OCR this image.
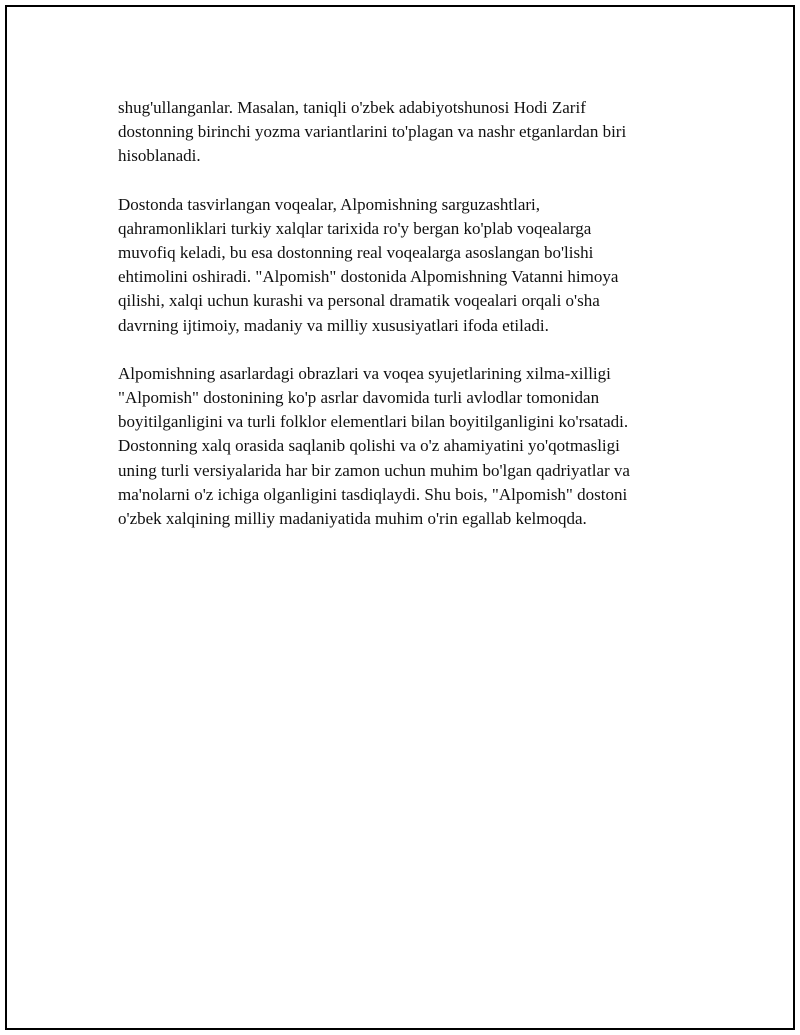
shug'ullanganlar. Masalan, taniqli o'zbek adabiyotshunosi Hodi Zarif
dostonning birinchi yozma variantlarini to'plagan va nashr etganlardan biri
hisoblanadi.

Dostonda tasvirlangan voqealar, Alpomishning sarguzashtlari,
qahramonliklari turkiy xalqlar tarixida ro'y bergan ko'plab voqealarga
muvofiq keladi, bu esa dostonning real voqealarga asoslangan bo'lishi
ehtimolini oshiradi. "Alpomish" dostonida Alpomishning Vatanni himoya
qilishi, xalqi uchun kurashi va personal dramatik voqealari orqali o'sha
davrning ijtimoiy, madaniy va milliy xususiyatlari ifoda etiladi.

Alpomishning asarlardagi obrazlari va voqea syujetlarining xilma-xilligi
"Alpomish" dostonining ko'p asrlar davomida turli avlodlar tomonidan
boyitilganligini va turli folklor elementlari bilan boyitilganligini ko'rsatadi.
Dostonning xalq orasida saqlanib qolishi va o'z ahamiyatini yo'qotmasligi
uning turli versiyalarida har bir zamon uchun muhim bo'lgan qadriyatlar va
ma'nolarni o'z ichiga olganligini tasdiqlaydi. Shu bois, "Alpomish" dostoni
o'zbek xalqining milliy madaniyatida muhim o'rin egallab kelmoqda.
